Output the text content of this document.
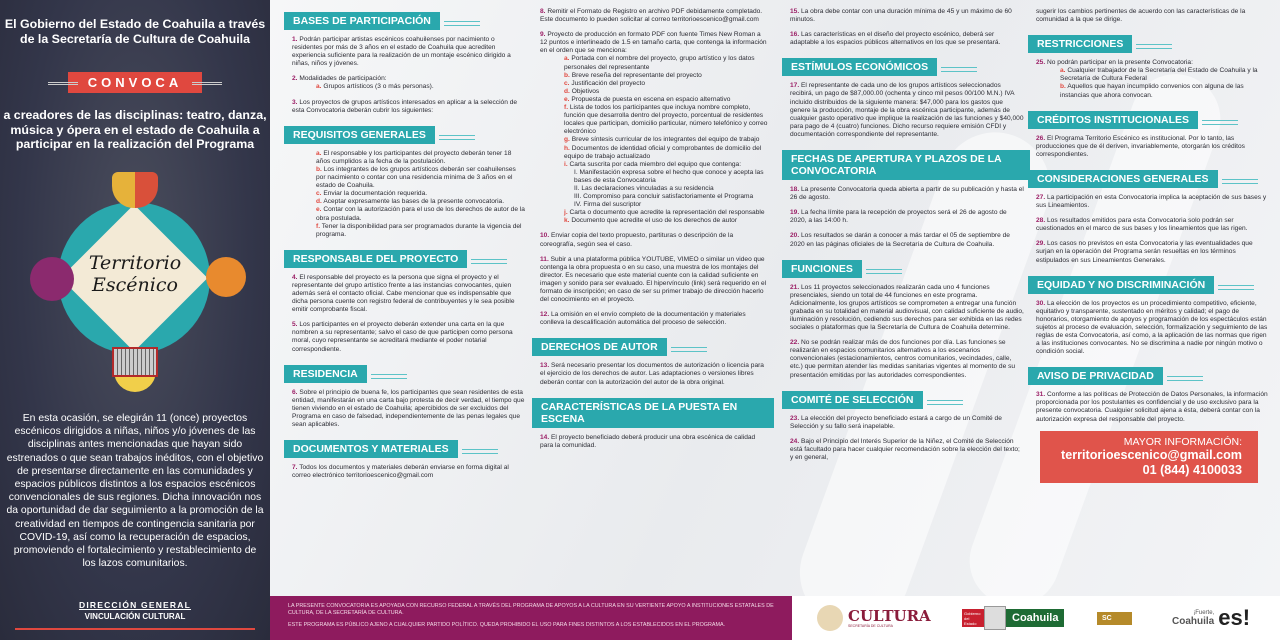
El Gobierno del Estado de Coahuila a través de la Secretaría de Cultura de Coahuila
CONVOCA
a creadores de las disciplinas: teatro, danza, música y ópera en el estado de Coahuila a participar en la realización del Programa
Territorio
Escénico
En esta ocasión, se elegirán 11 (once) proyectos escénicos dirigidos a niñas, niños y/o jóvenes de las disciplinas antes mencionadas que hayan sido estrenados o que sean trabajos inéditos, con el objetivo de presentarse directamente en las comunidades y espacios públicos distintos a los espacios escénicos convencionales de sus regiones. Dicha innovación nos da oportunidad de dar seguimiento a la promoción de la creatividad en tiempos de contingencia sanitaria por COVID-19, así como la recuperación de espacios, promoviendo el fortalecimiento y restablecimiento de los lazos comunitarios.
DIRECCIÓN GENERAL
VINCULACIÓN CULTURAL
BASES DE PARTICIPACIÓN
1. Podrán participar artistas escénicos coahuilenses por nacimiento o residentes por más de 3 años en el estado de Coahuila que acrediten experiencia suficiente para la realización de un montaje escénico dirigido a niñas, niños y jóvenes.
2. Modalidades de participación:
a. Grupos artísticos (3 o más personas).
3. Los proyectos de grupos artísticos interesados en aplicar a la selección de esta Convocatoria deberán cubrir los siguientes:
REQUISITOS GENERALES
a. El responsable y los participantes del proyecto deberán tener 18 años cumplidos a la fecha de la postulación.
b. Los integrantes de los grupos artísticos deberán ser coahuilenses por nacimiento o contar con una residencia mínima de 3 años en el estado de Coahuila.
c. Enviar la documentación requerida.
d. Aceptar expresamente las bases de la presente convocatoria.
e. Contar con la autorización para el uso de los derechos de autor de la obra postulada.
f. Tener la disponibilidad para ser programados durante la vigencia del programa.
RESPONSABLE DEL PROYECTO
4. El responsable del proyecto es la persona que signa el proyecto y el representante del grupo artístico frente a las instancias convocantes, quien además será el contacto oficial. Cabe mencionar que es indispensable que dicha persona cuente con registro federal de contribuyentes y le sea posible emitir comprobante fiscal.
5. Los participantes en el proyecto deberán extender una carta en la que nombren a su representante; salvo el caso de que participen como persona moral, cuyo representante se acreditará mediante el poder notarial correspondiente.
RESIDENCIA
6. Sobre el principio de buena fe, los participantes que sean residentes de esta entidad, manifestarán en una carta bajo protesta de decir verdad, el tiempo que tienen viviendo en el estado de Coahuila; apercibidos de ser excluidos del Programa en caso de falsedad, independientemente de las penas legales que sean aplicables.
DOCUMENTOS Y MATERIALES
7. Todos los documentos y materiales deberán enviarse en forma digital al correo electrónico territorioescenico@gmail.com
8. Remitir el Formato de Registro en archivo PDF debidamente completado. Este documento lo pueden solicitar al correo territorioescenico@gmail.com
9. Proyecto de producción en formato PDF con fuente Times New Roman a 12 puntos e interlineado de 1.5 en tamaño carta, que contenga la información en el orden que se menciona:
a. Portada con el nombre del proyecto, grupo artístico y los datos personales del representante
b. Breve reseña del representante del proyecto
c. Justificación del proyecto
d. Objetivos
e. Propuesta de puesta en escena en espacio alternativo
f. Lista de todos los participantes que incluya nombre completo, función que desarrolla dentro del proyecto, porcentual de residentes locales que participan, domicilio particular, número telefónico y correo electrónico
g. Breve síntesis curricular de los integrantes del equipo de trabajo
h. Documentos de identidad oficial y comprobantes de domicilio del equipo de trabajo actualizado
i. Carta suscrita por cada miembro del equipo que contenga:
I. Manifestación expresa sobre el hecho que conoce y acepta las bases de esta Convocatoria
II. Las declaraciones vinculadas a su residencia
III. Compromiso para concluir satisfactoriamente el Programa
IV. Firma del suscriptor
j. Carta o documento que acredite la representación del responsable
k. Documento que acredite el uso de los derechos de autor
10. Enviar copia del texto propuesto, partituras o descripción de la coreografía, según sea el caso.
11. Subir a una plataforma pública YOUTUBE, VIMEO o similar un video que contenga la obra propuesta o en su caso, una muestra de los montajes del director. Es necesario que este material cuente con la calidad suficiente en imagen y sonido para ser evaluado. El hipervínculo (link) será requerido en el formato de inscripción; en caso de ser su primer trabajo de dirección hacerlo del conocimiento en el proyecto.
12. La omisión en el envío completo de la documentación y materiales conlleva la descalificación automática del proceso de selección.
DERECHOS DE AUTOR
13. Será necesario presentar los documentos de autorización o licencia para el ejercicio de los derechos de autor. Las adaptaciones o versiones libres deberán contar con la autorización del autor de la obra original.
CARACTERÍSTICAS DE LA PUESTA EN ESCENA
14. El proyecto beneficiado deberá producir una obra escénica de calidad para la comunidad.
15. La obra debe contar con una duración mínima de 45 y un máximo de 60 minutos.
16. Las características en el diseño del proyecto escénico, deberá ser adaptable a los espacios públicos alternativos en los que se presentará.
ESTÍMULOS ECONÓMICOS
17. El representante de cada uno de los grupos artísticos seleccionados recibirá, un pago de $87,000.00 (ochenta y cinco mil pesos 00/100 M.N.) IVA incluido distribuidos de la siguiente manera: $47,000 para los gastos que genere la producción, montaje de la obra escénica participante, además de cualquier gasto operativo que implique la realización de las funciones y $40,000 para pago de 4 (cuatro) funciones. Dicho recurso requiere emisión CFDI y documentación correspondiente del representante.
FECHAS DE APERTURA Y PLAZOS DE LA CONVOCATORIA
18. La presente Convocatoria queda abierta a partir de su publicación y hasta el 26 de agosto.
19. La fecha límite para la recepción de proyectos será el 26 de agosto de 2020, a las 14:00 h.
20. Los resultados se darán a conocer a más tardar el 05 de septiembre de 2020 en las páginas oficiales de la Secretaría de Cultura de Coahuila.
FUNCIONES
21. Los 11 proyectos seleccionados realizarán cada uno 4 funciones presenciales, siendo un total de 44 funciones en este programa. Adicionalmente, los grupos artísticos se comprometen a entregar una función grabada en su totalidad en material audiovisual, con calidad suficiente de audio, iluminación y resolución, cediendo sus derechos para ser exhibida en las redes sociales o plataformas que la Secretaría de Cultura de Coahuila determine.
22. No se podrán realizar más de dos funciones por día. Las funciones se realizarán en espacios comunitarios alternativos a los escenarios convencionales (estacionamientos, centros comunitarios, vecindades, calle, etc.) que permitan atender las medidas sanitarias vigentes al momento de su presentación emitidas por las autoridades correspondientes.
COMITÉ DE SELECCIÓN
23. La elección del proyecto beneficiado estará a cargo de un Comité de Selección y su fallo será inapelable.
24. Bajo el Principio del Interés Superior de la Niñez, el Comité de Selección está facultado para hacer cualquier recomendación sobre la elección del texto; y en general,
sugerir los cambios pertinentes de acuerdo con las características de la comunidad a la que se dirige.
RESTRICCIONES
25. No podrán participar en la presente Convocatoria:
a. Cualquier trabajador de la Secretaría del Estado de Coahuila y la Secretaría de Cultura Federal
b. Aquellos que hayan incumplido convenios con alguna de las instancias que ahora convocan.
CRÉDITOS INSTITUCIONALES
26. El Programa Territorio Escénico es institucional. Por lo tanto, las producciones que de él deriven, invariablemente, otorgarán los créditos correspondientes.
CONSIDERACIONES GENERALES
27. La participación en esta Convocatoria implica la aceptación de sus bases y sus Lineamientos.
28. Los resultados emitidos para esta Convocatoria solo podrán ser cuestionados en el marco de sus bases y los lineamientos que las rigen.
29. Los casos no previstos en esta Convocatoria y las eventualidades que surjan en la operación del Programa serán resueltas en los términos estipulados en sus Lineamientos Generales.
EQUIDAD Y NO DISCRIMINACIÓN
30. La elección de los proyectos es un procedimiento competitivo, eficiente, equitativo y transparente, sustentado en méritos y calidad; el pago de honorarios, otorgamiento de apoyos y programación de los espectáculos están sujetos al proceso de evaluación, selección, formalización y seguimiento de las reglas de esta Convocatoria, así como, a la aplicación de las normas que rigen a las instituciones convocantes. No se discrimina a nadie por ningún motivo o condición social.
AVISO DE PRIVACIDAD
31. Conforme a las políticas de Protección de Datos Personales, la información proporcionada por los postulantes es confidencial y de uso exclusivo para la presente convocatoria. Cualquier solicitud ajena a ésta, deberá contar con la autorización expresa del responsable del proyecto.
MAYOR INFORMACIÓN:
territorioescenico@gmail.com
01 (844) 4100033

LA PRESENTE CONVOCATORIA ES APOYADA CON RECURSO FEDERAL A TRAVÉS DEL PROGRAMA DE APOYOS A LA CULTURA EN SU VERTIENTE APOYO A INSTITUCIONES ESTATALES DE CULTURA, DE LA SECRETARÍA DE CULTURA.

ESTE PROGRAMA ES PÚBLICO AJENO A CUALQUIER PARTIDO POLÍTICO. QUEDA PROHIBIDO EL USO PARA FINES DISTINTOS A LOS ESTABLECIDOS EN EL PROGRAMA.

CULTURA
SECRETARÍA DE CULTURA
Gobierno del Estado	Coahuila	SC
¡Fuerte,
Coahuila es!
